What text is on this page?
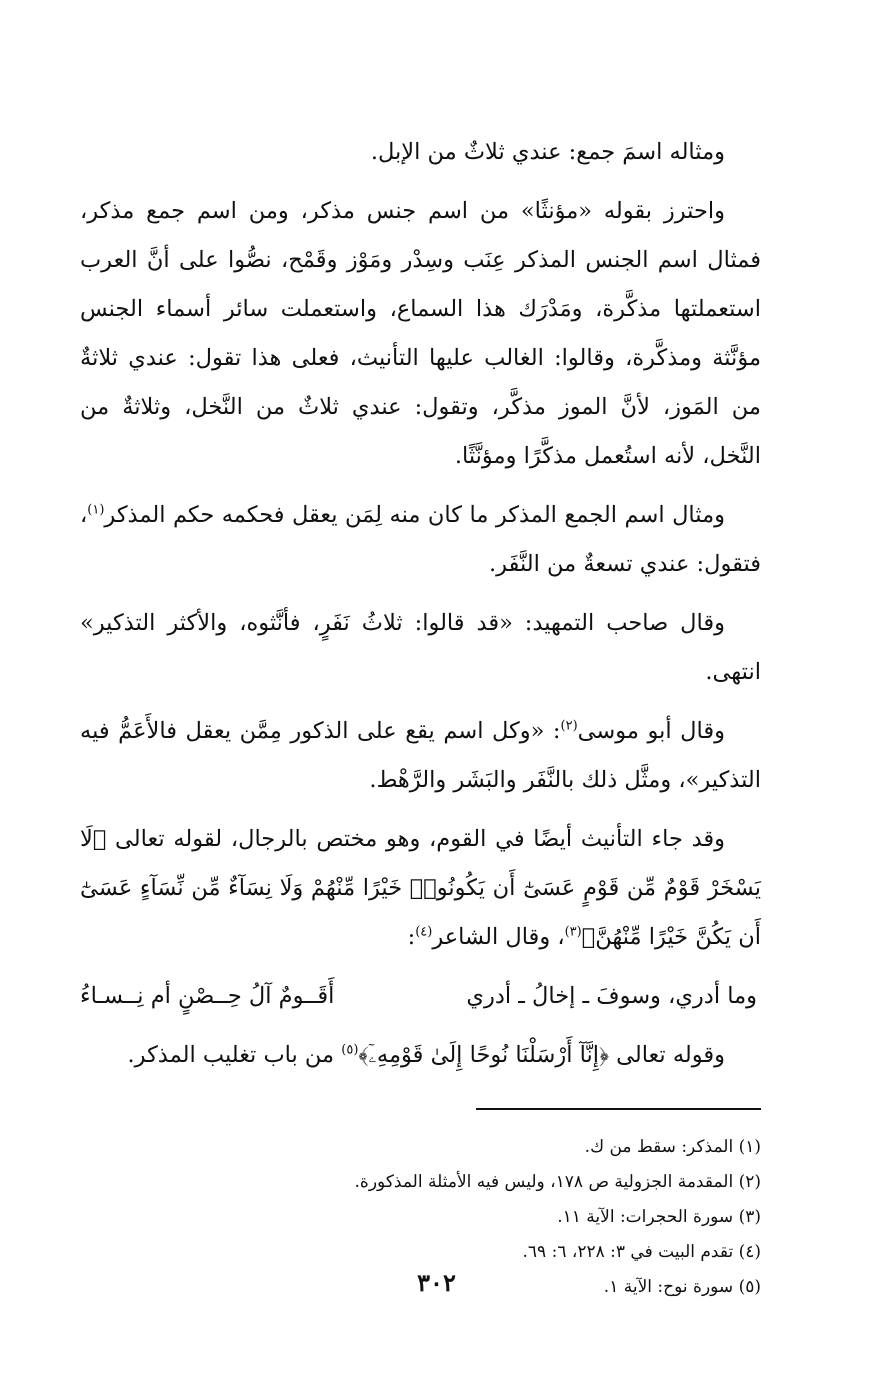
ومثاله اسمَ جمع: عندي ثلاثٌ من الإبل.

واحترز بقوله «مؤنثًا» من اسم جنس مذكر، ومن اسم جمع مذكر، فمثال اسم الجنس المذكر عِنَب وسِدْر ومَوْز وقَمْح، نصُّوا على أنَّ العرب استعملتها مذكَّرة، ومَدْرَك هذا السماع، واستعملت سائر أسماء الجنس مؤنَّثة ومذكَّرة، وقالوا: الغالب عليها التأنيث، فعلى هذا تقول: عندي ثلاثةٌ من المَوز، لأنَّ الموز مذكَّر، وتقول: عندي ثلاثٌ من النَّخل، وثلاثةٌ من النَّخل، لأنه استُعمل مذكَّرًا ومؤنَّثًا.

ومثال اسم الجمع المذكر ما كان منه لِمَن يعقل فحكمه حكم المذكر$^{(١)}$، فتقول: عندي تسعةٌ من النَّفَر.

وقال صاحب التمهيد: «قد قالوا: ثلاثُ نَفَرٍ، فأنَّثوه، والأكثر التذكير» انتهى.

وقال أبو موسى$^{(٢)}$: «وكل اسم يقع على الذكور مِمَّن يعقل فالأَعَمُّ فيه التذكير»، ومثَّل ذلك بالنَّفَر والبَشَر والرَّهْط.

وقد جاء التأنيث أيضًا في القوم، وهو مختص بالرجال، لقوله تعالى ﴿لَا يَسْخَرْ قَوْمٌ مِّن قَوْمٍ عَسَىٰٓ أَن يَكُونُوا۟ خَيْرًا مِّنْهُمْ وَلَا نِسَآءٌ مِّن نِّسَآءٍ عَسَىٰٓ أَن يَكُنَّ خَيْرًا مِّنْهُنَّ﴾$^{(٣)}$، وقال الشاعر$^{(٤)}$:

وما أدري، وسوفَ ـ إخالُ ـ أدري
أَقَــومٌ آلُ حِــصْنٍ أم نِــسـاءُ

وقوله تعالى ﴿إِنَّآ أَرْسَلْنَا نُوحًا إِلَىٰ قَوْمِهِۦٓ﴾$^{(٥)}$ من باب تغليب المذكر.

(١) المذكر: سقط من ك.
(٢) المقدمة الجزولية ص ١٧٨، وليس فيه الأمثلة المذكورة.
(٣) سورة الحجرات: الآية ١١.
(٤) تقدم البيت في ٣: ٢٢٨، ٦: ٦٩.
(٥) سورة نوح: الآية ١.
٣٠٢
